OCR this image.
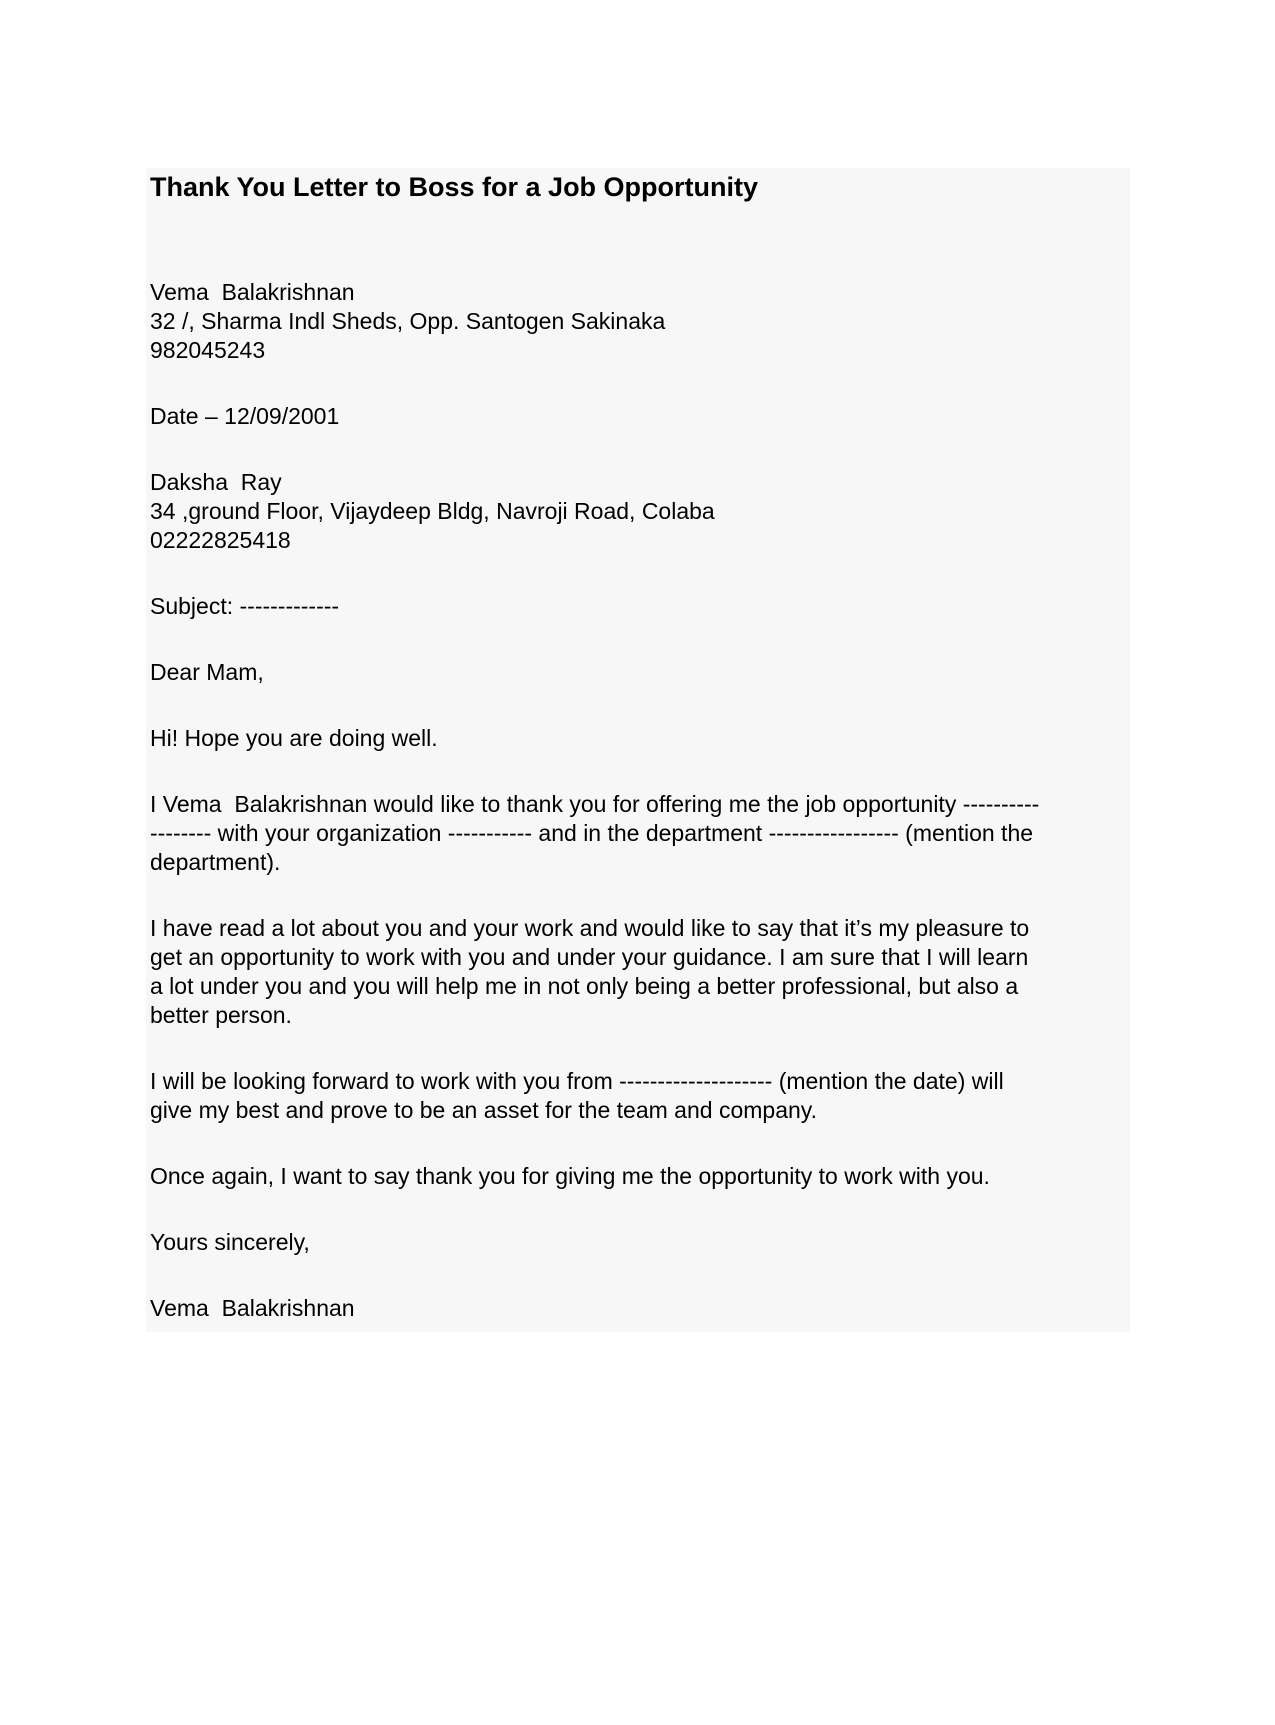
Thank You Letter to Boss for a Job Opportunity
Vema  Balakrishnan
32 /, Sharma Indl Sheds, Opp. Santogen Sakinaka
982045243
Date – 12/09/2001
Daksha  Ray
34 ,ground Floor, Vijaydeep Bldg, Navroji Road, Colaba
02222825418
Subject: -------------
Dear Mam,
Hi! Hope you are doing well.
I Vema  Balakrishnan would like to thank you for offering me the job opportunity ----------
-------- with your organization ----------- and in the department ----------------- (mention the
department).
I have read a lot about you and your work and would like to say that it’s my pleasure to
get an opportunity to work with you and under your guidance. I am sure that I will learn
a lot under you and you will help me in not only being a better professional, but also a
better person.
I will be looking forward to work with you from -------------------- (mention the date) will
give my best and prove to be an asset for the team and company.
Once again, I want to say thank you for giving me the opportunity to work with you.
Yours sincerely,
Vema  Balakrishnan
